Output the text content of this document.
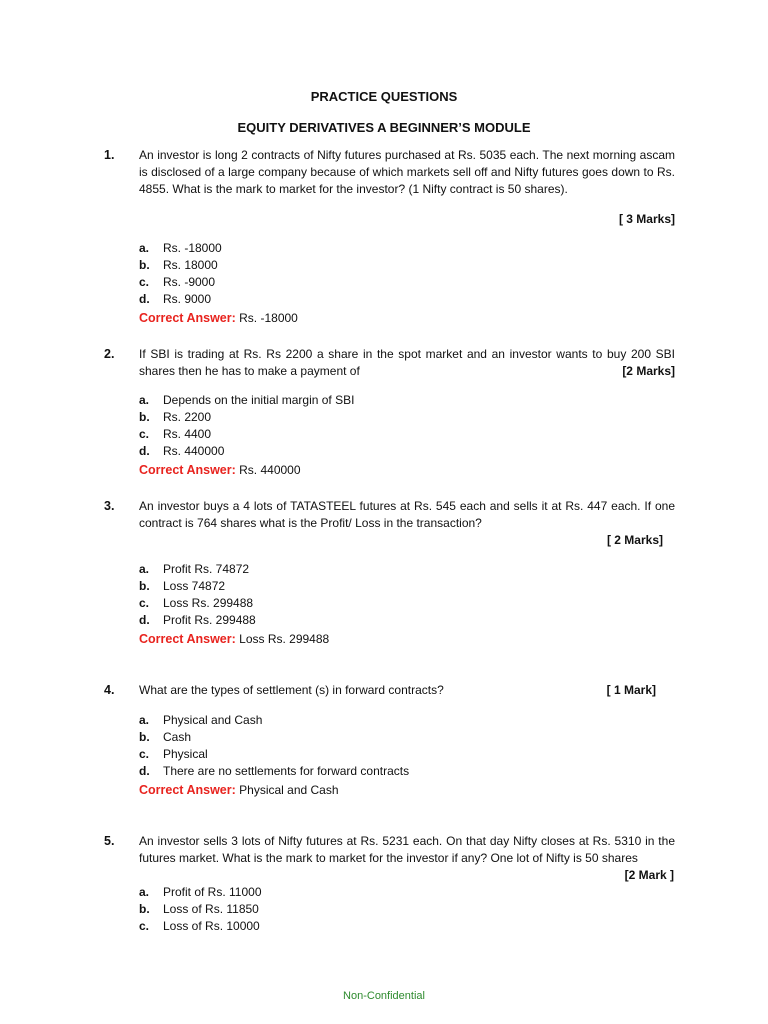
PRACTICE QUESTIONS
EQUITY DERIVATIVES A BEGINNER’S MODULE
1. An investor is long 2 contracts of Nifty futures purchased at Rs. 5035 each. The next morning ascam is disclosed of a large company because of which markets sell off and Nifty futures goes down to Rs. 4855. What is the mark to market for the investor? (1 Nifty contract is 50 shares).
[ 3 Marks]
a. Rs. -18000
b. Rs. 18000
c. Rs. -9000
d. Rs. 9000
Correct Answer: Rs. -18000
2. If SBI is trading at Rs. Rs 2200 a share in the spot market and an investor wants to buy 200 SBI shares then he has to make a payment of	[2 Marks]
a. Depends on the initial margin of SBI
b. Rs. 2200
c. Rs. 4400
d. Rs. 440000
Correct Answer: Rs. 440000
3. An investor buys a 4 lots of TATASTEEL futures at Rs. 545 each and sells it at Rs. 447 each. If one contract is 764 shares what is the Profit/ Loss in the transaction?
[ 2 Marks]
a. Profit Rs. 74872
b. Loss 74872
c. Loss Rs. 299488
d. Profit Rs. 299488
Correct Answer: Loss Rs. 299488
4. What are the types of settlement (s) in forward contracts?	[ 1 Mark]
a. Physical and Cash
b. Cash
c. Physical
d. There are no settlements for forward contracts
Correct Answer: Physical and Cash
5. An investor sells 3 lots of Nifty futures at Rs. 5231 each. On that day Nifty closes at Rs. 5310 in the futures market. What is the mark to market for the investor if any? One lot of Nifty is 50 shares
[2 Mark ]
a. Profit of Rs. 11000
b. Loss of Rs. 11850
c. Loss of Rs. 10000
Non-Confidential
